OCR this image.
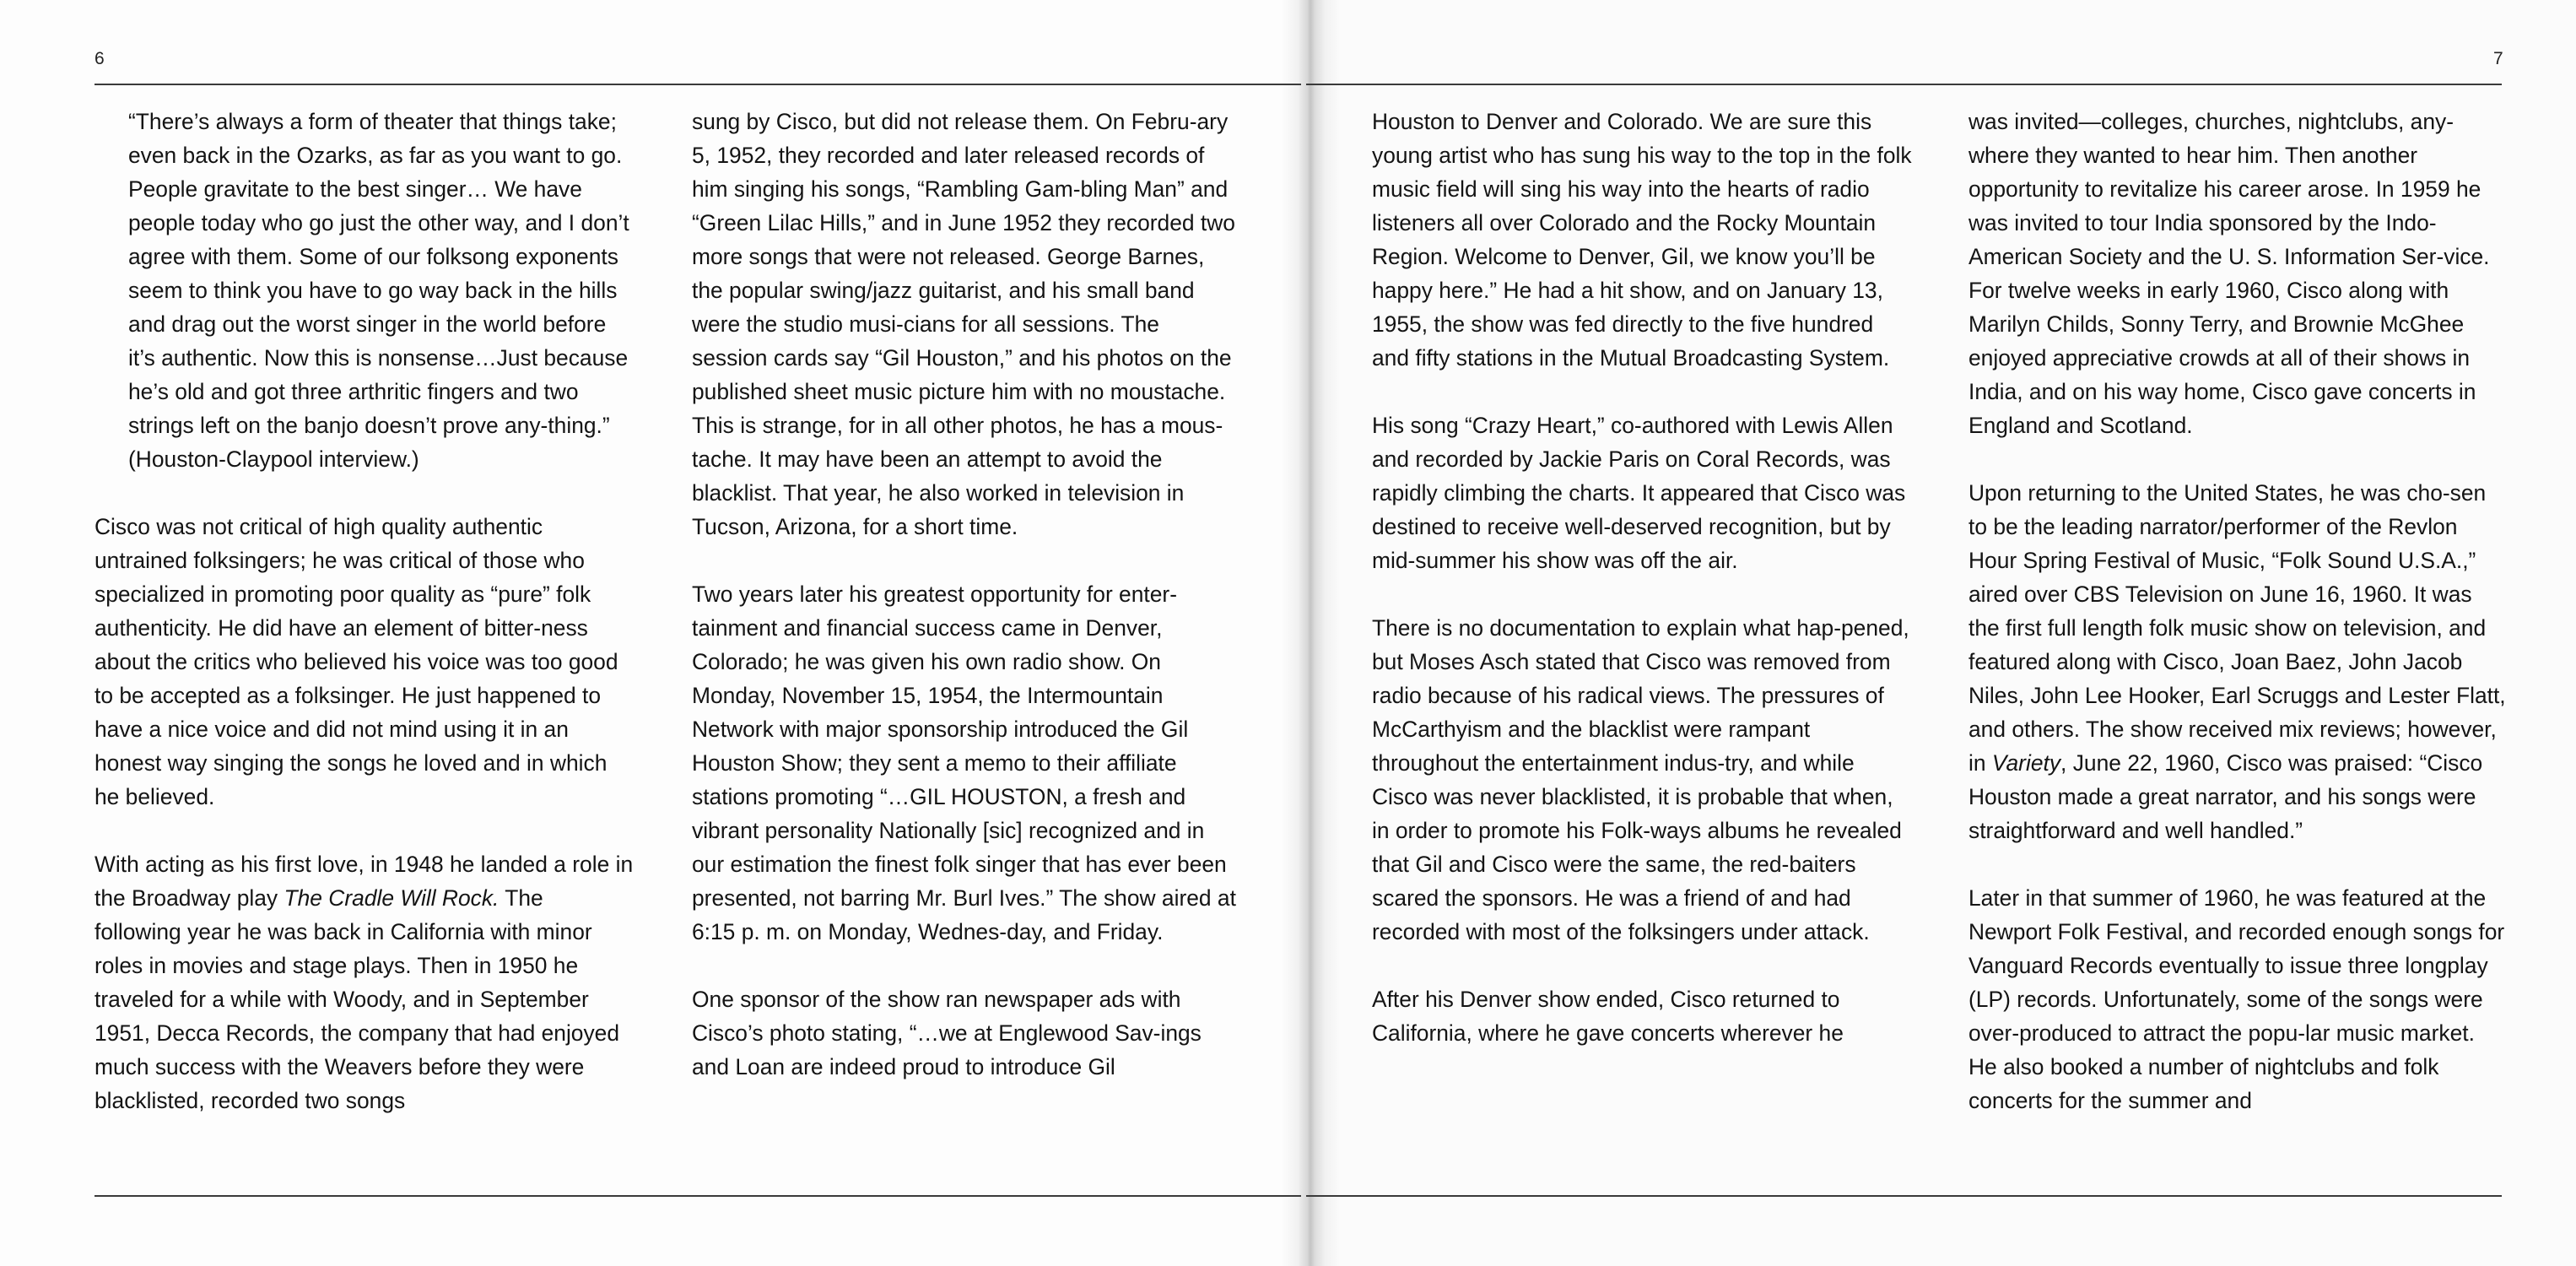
6	7

“There’s always a form of theater that things take; even back in the Ozarks, as far as you want to go. People gravitate to the best singer… We have people today who go just the other way, and I don’t agree with them. Some of our folksong exponents seem to think you have to go way back in the hills and drag out the worst singer in the world before it’s authentic. Now this is nonsense…Just because he’s old and got three arthritic fingers and two strings left on the banjo doesn’t prove any-thing.” (Houston-Claypool interview.)

Cisco was not critical of high quality authentic untrained folksingers; he was critical of those who specialized in promoting poor quality as “pure” folk authenticity. He did have an element of bitter-ness about the critics who believed his voice was too good to be accepted as a folksinger. He just happened to have a nice voice and did not mind using it in an honest way singing the songs he loved and in which he believed.

With acting as his first love, in 1948 he landed a role in the Broadway play The Cradle Will Rock. The following year he was back in California with minor roles in movies and stage plays. Then in 1950 he traveled for a while with Woody, and in September 1951, Decca Records, the company that had enjoyed much success with the Weavers before they were blacklisted, recorded two songs

sung by Cisco, but did not release them. On Febru-ary 5, 1952, they recorded and later released records of him singing his songs, “Rambling Gam-bling Man” and “Green Lilac Hills,” and in June 1952 they recorded two more songs that were not released. George Barnes, the popular swing/jazz guitarist, and his small band were the studio musi-cians for all sessions. The session cards say “Gil Houston,” and his photos on the published sheet music picture him with no moustache. This is strange, for in all other photos, he has a mous-tache. It may have been an attempt to avoid the blacklist. That year, he also worked in television in Tucson, Arizona, for a short time.

Two years later his greatest opportunity for enter-tainment and financial success came in Denver, Colorado; he was given his own radio show. On Monday, November 15, 1954, the Intermountain Network with major sponsorship introduced the Gil Houston Show; they sent a memo to their affiliate stations promoting “…GIL HOUSTON, a fresh and vibrant personality Nationally [sic] recognized and in our estimation the finest folk singer that has ever been presented, not barring Mr. Burl Ives.” The show aired at 6:15 p. m. on Monday, Wednes-day, and Friday.

One sponsor of the show ran newspaper ads with Cisco’s photo stating, “…we at Englewood Sav-ings and Loan are indeed proud to introduce Gil

Houston to Denver and Colorado. We are sure this young artist who has sung his way to the top in the folk music field will sing his way into the hearts of radio listeners all over Colorado and the Rocky Mountain Region. Welcome to Denver, Gil, we know you’ll be happy here.” He had a hit show, and on January 13, 1955, the show was fed directly to the five hundred and fifty stations in the Mutual Broadcasting System.

His song “Crazy Heart,” co-authored with Lewis Allen and recorded by Jackie Paris on Coral Records, was rapidly climbing the charts. It appeared that Cisco was destined to receive well-deserved recognition, but by mid-summer his show was off the air.

There is no documentation to explain what hap-pened, but Moses Asch stated that Cisco was removed from radio because of his radical views. The pressures of McCarthyism and the blacklist were rampant throughout the entertainment indus-try, and while Cisco was never blacklisted, it is probable that when, in order to promote his Folk-ways albums he revealed that Gil and Cisco were the same, the red-baiters scared the sponsors. He was a friend of and had recorded with most of the folksingers under attack.

After his Denver show ended, Cisco returned to California, where he gave concerts wherever he

was invited—colleges, churches, nightclubs, any-where they wanted to hear him. Then another opportunity to revitalize his career arose. In 1959 he was invited to tour India sponsored by the Indo-American Society and the U. S. Information Ser-vice. For twelve weeks in early 1960, Cisco along with Marilyn Childs, Sonny Terry, and Brownie McGhee enjoyed appreciative crowds at all of their shows in India, and on his way home, Cisco gave concerts in England and Scotland.

Upon returning to the United States, he was cho-sen to be the leading narrator/performer of the Revlon Hour Spring Festival of Music, “Folk Sound U.S.A.,” aired over CBS Television on June 16, 1960. It was the first full length folk music show on television, and featured along with Cisco, Joan Baez, John Jacob Niles, John Lee Hooker, Earl Scruggs and Lester Flatt, and others. The show received mix reviews; however, in Variety, June 22, 1960, Cisco was praised: “Cisco Houston made a great narrator, and his songs were straightforward and well handled.”

Later in that summer of 1960, he was featured at the Newport Folk Festival, and recorded enough songs for Vanguard Records eventually to issue three longplay (LP) records. Unfortunately, some of the songs were over-produced to attract the popu-lar music market. He also booked a number of nightclubs and folk concerts for the summer and
